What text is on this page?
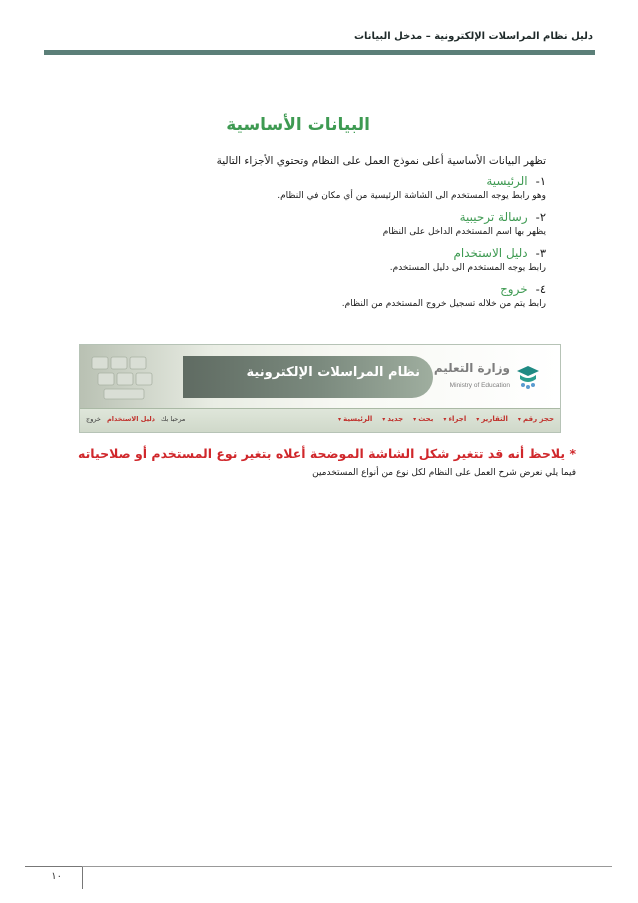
دليل نظام المراسلات الإلكترونية – مدخل البيانات
البيانات الأساسية
تظهر البيانات الأساسية أعلى نموذج العمل على النظام وتحتوي الأجزاء التالية
١-الرئيسية
وهو رابط يوجه المستخدم الى الشاشة الرئيسية من أي مكان في النظام.
٢-رسالة ترحيبية
يظهر بها اسم المستخدم الداخل على النظام
٣-دليل الاستخدام
رابط يوجه المستخدم الى دليل المستخدم.
٤-خروج
رابط يتم من خلاله تسجيل خروج المستخدم من النظام.
نظام المراسلات الإلكترونية وزارة التعليم
Ministry of Education
الرئيسية ▾	جديد ▾	بحث ▾	اجراء ▾	التقارير ▾	حجز رقم ▾
خروج دليل الاستخدام مرحبا بك
* يلاحظ أنه قد تتغير شكل الشاشة الموضحة أعلاه بتغير نوع المستخدم أو صلاحياته
فيما يلي نعرض شرح العمل على النظام لكل نوع من أنواع المستخدمين
١٠
